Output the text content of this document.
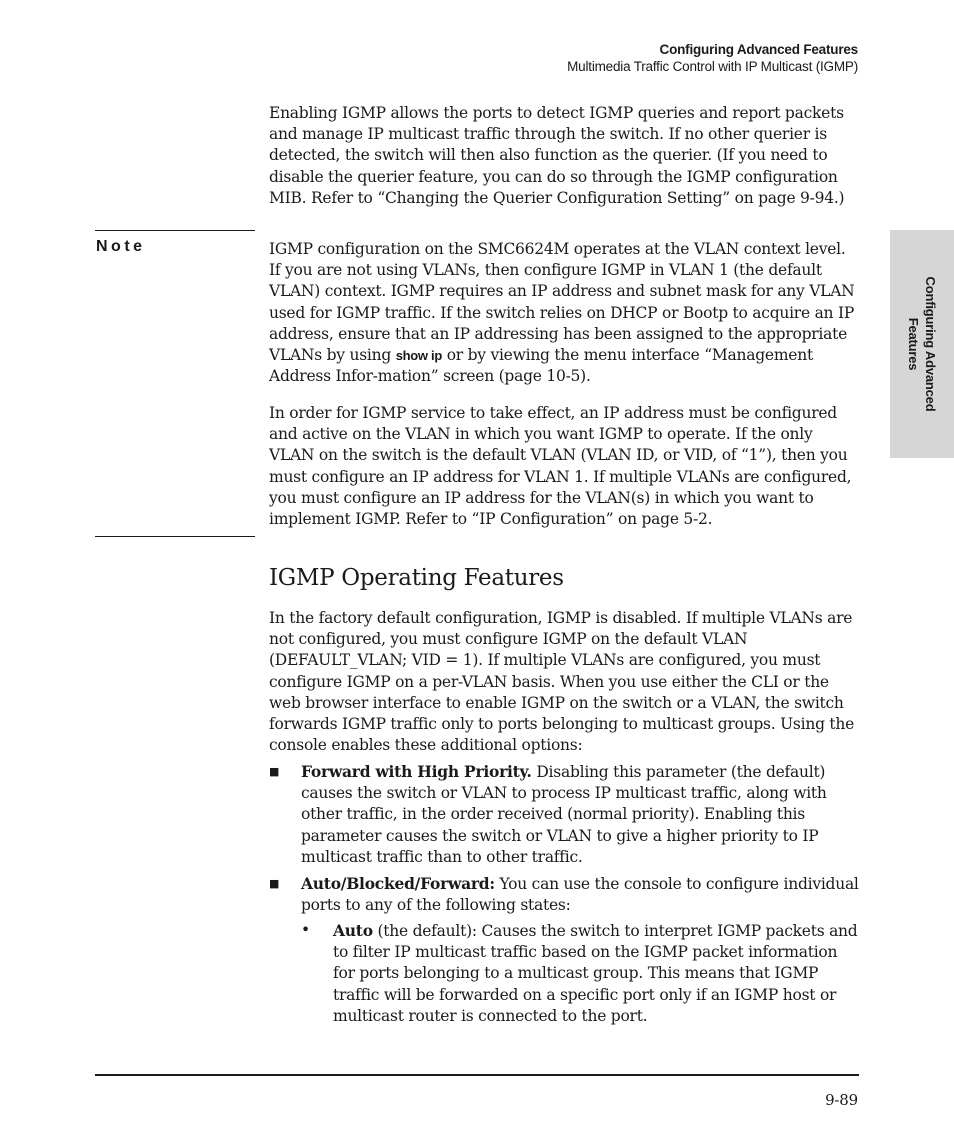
Configuring Advanced Features
Multimedia Traffic Control with IP Multicast (IGMP)
Configuring Advanced
Features

Enabling IGMP allows the ports to detect IGMP queries and report packets and manage IP multicast traffic through the switch. If no other querier is detected, the switch will then also function as the querier. (If you need to disable the querier feature, you can do so through the IGMP configuration MIB. Refer to “Changing the Querier Configuration Setting” on page 9-94.)

Note	IGMP configuration on the SMC6624M operates at the VLAN context level. If you are not using VLANs, then configure IGMP in VLAN 1 (the default VLAN) context. IGMP requires an IP address and subnet mask for any VLAN used for IGMP traffic. If the switch relies on DHCP or Bootp to acquire an IP address, ensure that an IP addressing has been assigned to the appropriate VLANs by using show ip or by viewing the menu interface “Management Address Infor-mation” screen (page 10-5).

In order for IGMP service to take effect, an IP address must be configured and active on the VLAN in which you want IGMP to operate. If the only VLAN on the switch is the default VLAN (VLAN ID, or VID, of “1”), then you must configure an IP address for VLAN 1. If multiple VLANs are configured, you must configure an IP address for the VLAN(s) in which you want to implement IGMP. Refer to “IP Configuration” on page 5-2.

IGMP Operating Features

In the factory default configuration, IGMP is disabled. If multiple VLANs are not configured, you must configure IGMP on the default VLAN (DEFAULT_VLAN; VID = 1). If multiple VLANs are configured, you must configure IGMP on a per-VLAN basis. When you use either the CLI or the web browser interface to enable IGMP on the switch or a VLAN, the switch forwards IGMP traffic only to ports belonging to multicast groups. Using the console enables these additional options:

■ Forward with High Priority. Disabling this parameter (the default) causes the switch or VLAN to process IP multicast traffic, along with other traffic, in the order received (normal priority). Enabling this parameter causes the switch or VLAN to give a higher priority to IP multicast traffic than to other traffic.

■ Auto/Blocked/Forward: You can use the console to configure individual ports to any of the following states:

• Auto (the default): Causes the switch to interpret IGMP packets and to filter IP multicast traffic based on the IGMP packet information for ports belonging to a multicast group. This means that IGMP traffic will be forwarded on a specific port only if an IGMP host or multicast router is connected to the port.

9-89
